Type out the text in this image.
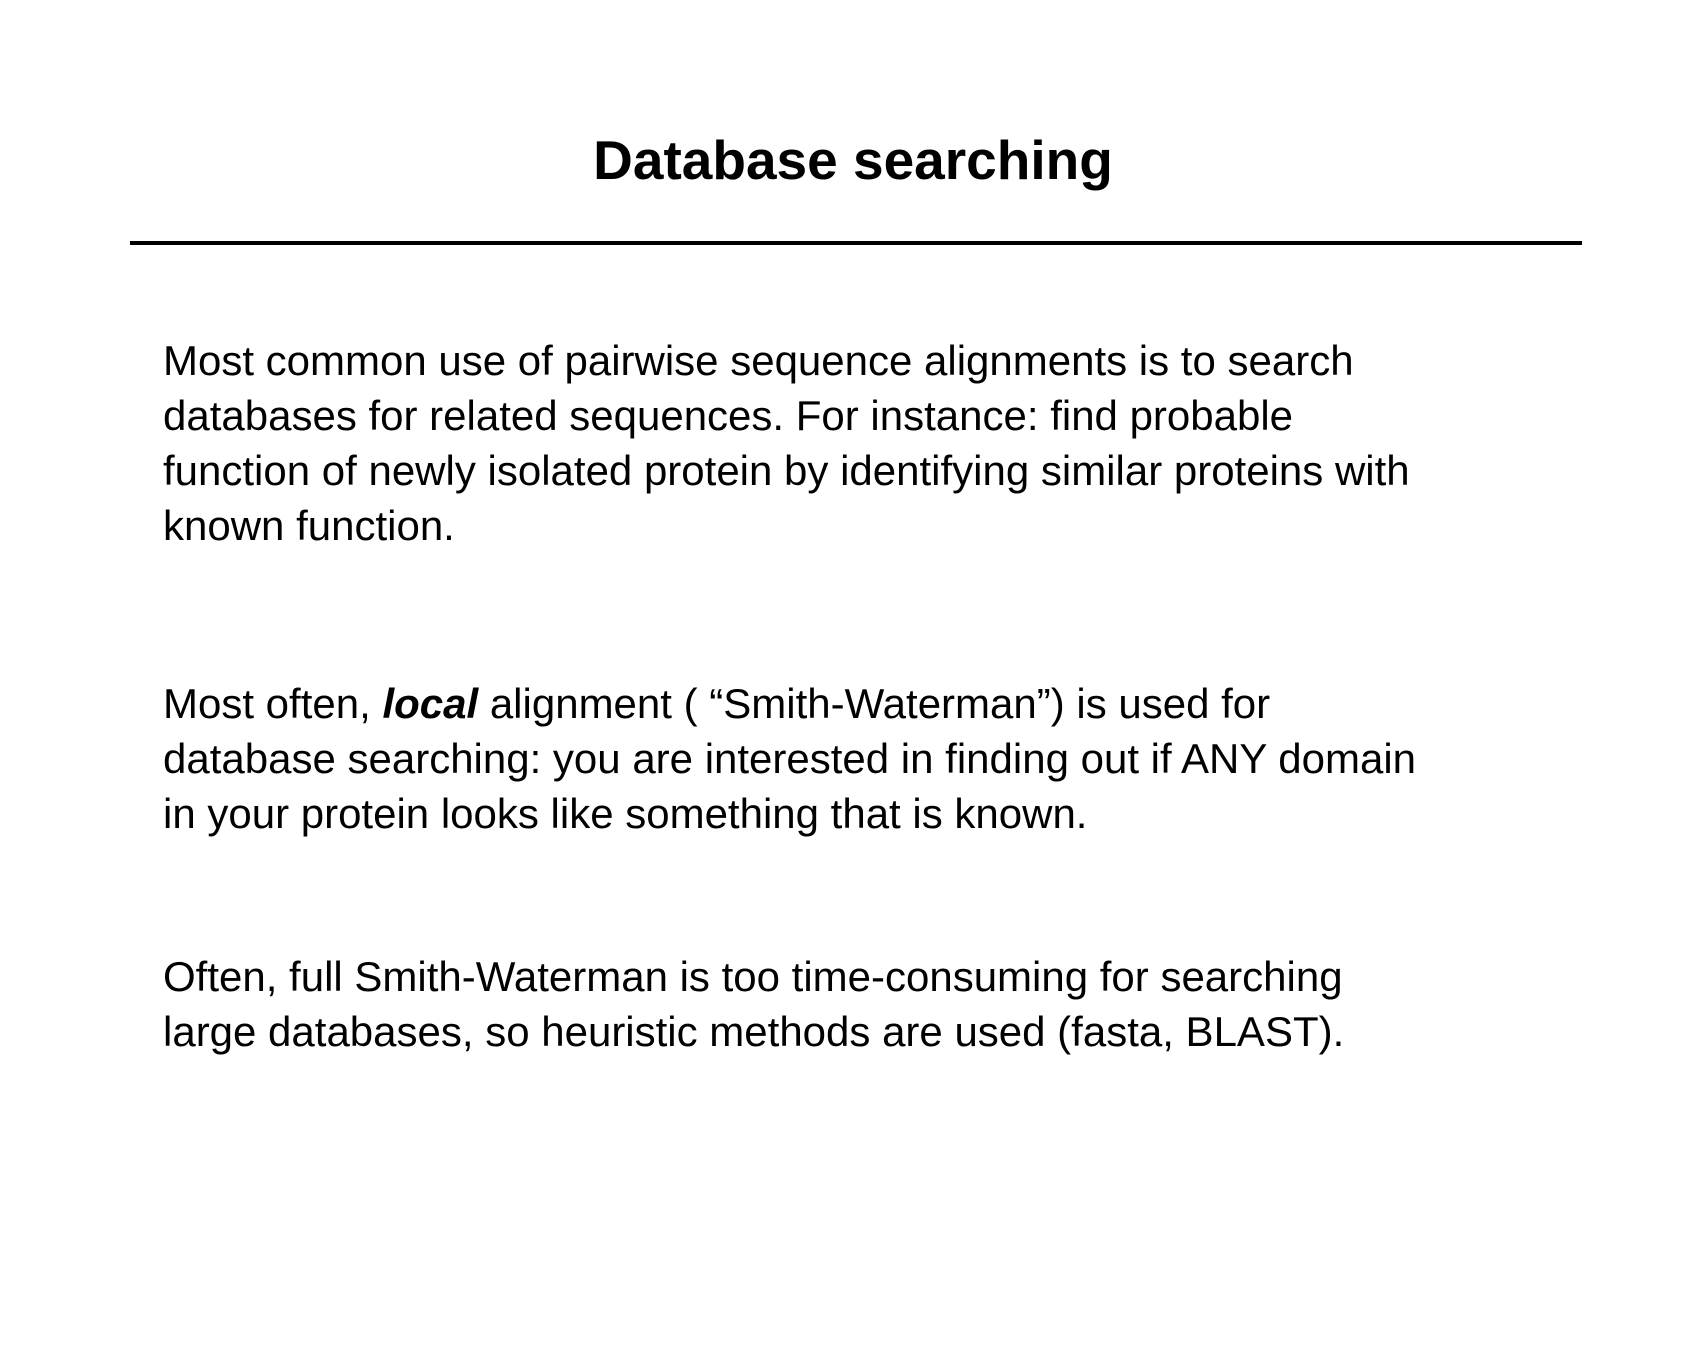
Database searching

Most common use of pairwise sequence alignments is to search
databases for related sequences. For instance: find probable
function of newly isolated protein by identifying similar proteins with
known function.

Most often, local alignment ( “Smith-Waterman”) is used for
database searching: you are interested in finding out if ANY domain
in your protein looks like something that is known.

Often, full Smith-Waterman is too time-consuming for searching
large databases, so heuristic methods are used (fasta, BLAST).
